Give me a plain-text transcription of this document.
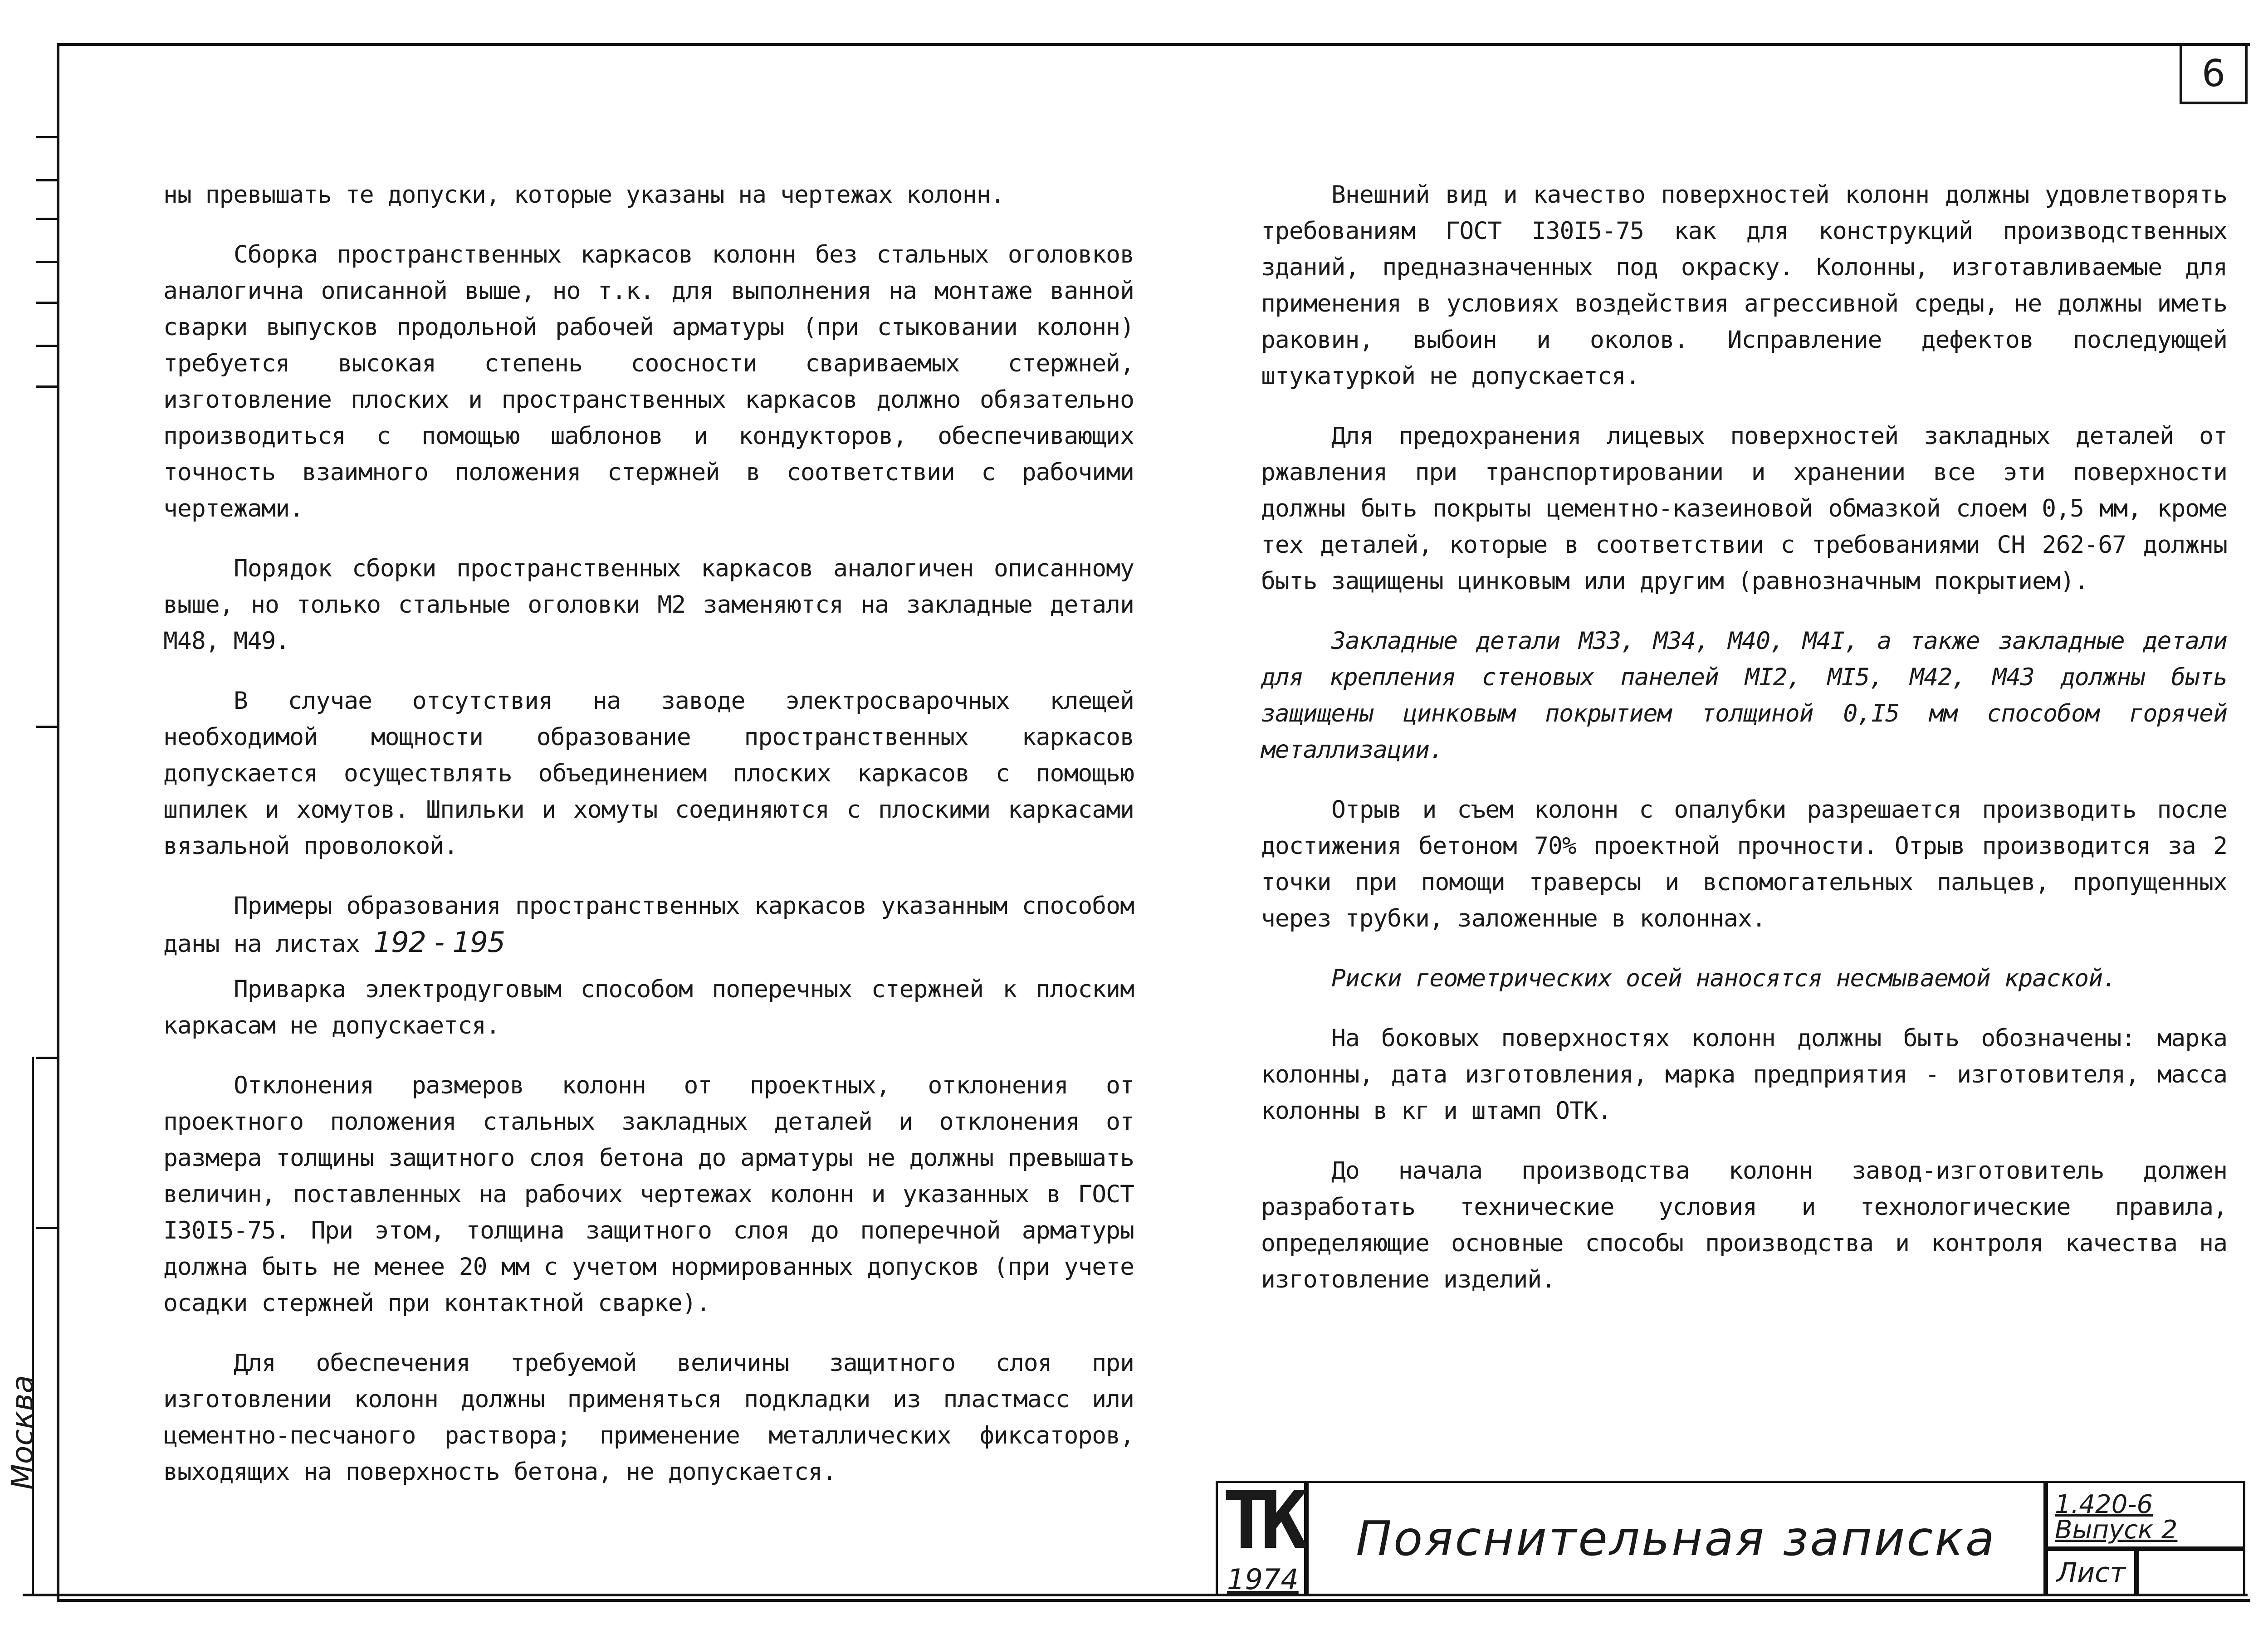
6

ны превышать те допуски, которые указаны на чертежах колонн.

Сборка пространственных каркасов колонн без стальных оголовков аналогична описанной выше, но т.к. для выполнения на монтаже ванной сварки выпусков продольной рабочей арматуры (при стыковании колонн) требуется высокая степень соосности свариваемых стержней, изготовление плоских и пространственных каркасов должно обязательно производиться с помощью шаблонов и кондукторов, обеспечивающих точность взаимного положения стержней в соответствии с рабочими чертежами.

Порядок сборки пространственных каркасов аналогичен описанному выше, но только стальные оголовки М2 заменяются на закладные детали М48, М49.

В случае отсутствия на заводе электросварочных клещей необходимой мощности образование пространственных каркасов допускается осуществлять объединением плоских каркасов с помощью шпилек и хомутов. Шпильки и хомуты соединяются с плоскими каркасами вязальной проволокой.

Примеры образования пространственных каркасов указанным способом даны на листах 192 - 195

Приварка электродуговым способом поперечных стержней к плоским каркасам не допускается.

Отклонения размеров колонн от проектных, отклонения от проектного положения стальных закладных деталей и отклонения от размера толщины защитного слоя бетона до арматуры не должны превышать величин, поставленных на рабочих чертежах колонн и указанных в ГОСТ I30I5-75. При этом, толщина защитного слоя до поперечной арматуры должна быть не менее 20 мм с учетом нормированных допусков (при учете осадки стержней при контактной сварке).

Для обеспечения требуемой величины защитного слоя при изготовлении колонн должны применяться подкладки из пластмасс или цементно-песчаного раствора; применение металлических фиксаторов, выходящих на поверхность бетона, не допускается.

Внешний вид и качество поверхностей колонн должны удовлетворять требованиям ГОСТ I30I5-75 как для конструкций производственных зданий, предназначенных под окраску. Колонны, изготавливаемые для применения в условиях воздействия агрессивной среды, не должны иметь раковин, выбоин и околов. Исправление дефектов последующей штукатуркой не допускается.

Для предохранения лицевых поверхностей закладных деталей от ржавления при транспортировании и хранении все эти поверхности должны быть покрыты цементно-казеиновой обмазкой слоем 0,5 мм, кроме тех деталей, которые в соответствии с требованиями СН 262-67 должны быть защищены цинковым или другим (равнозначным покрытием).

Закладные детали М33, М34, М40, М4I, а также закладные детали для крепления стеновых панелей МI2, МI5, М42, М43 должны быть защищены цинковым покрытием толщиной 0,I5 мм способом горячей металлизации.

Отрыв и съем колонн с опалубки разрешается производить после достижения бетоном 70% проектной прочности. Отрыв производится за 2 точки при помощи траверсы и вспомогательных пальцев, пропущенных через трубки, заложенные в колоннах.

Риски геометрических осей наносятся несмываемой краской.

На боковых поверхностях колонн должны быть обозначены: марка колонны, дата изготовления, марка предприятия - изготовителя, масса колонны в кг и штамп ОТК.

До начала производства колонн завод-изготовитель должен разработать технические условия и технологические правила, определяющие основные способы производства и контроля качества на изготовление изделий.

ТК
1974
Пояснительная записка
1.420-6
Выпуск 2
Лист
Москва
